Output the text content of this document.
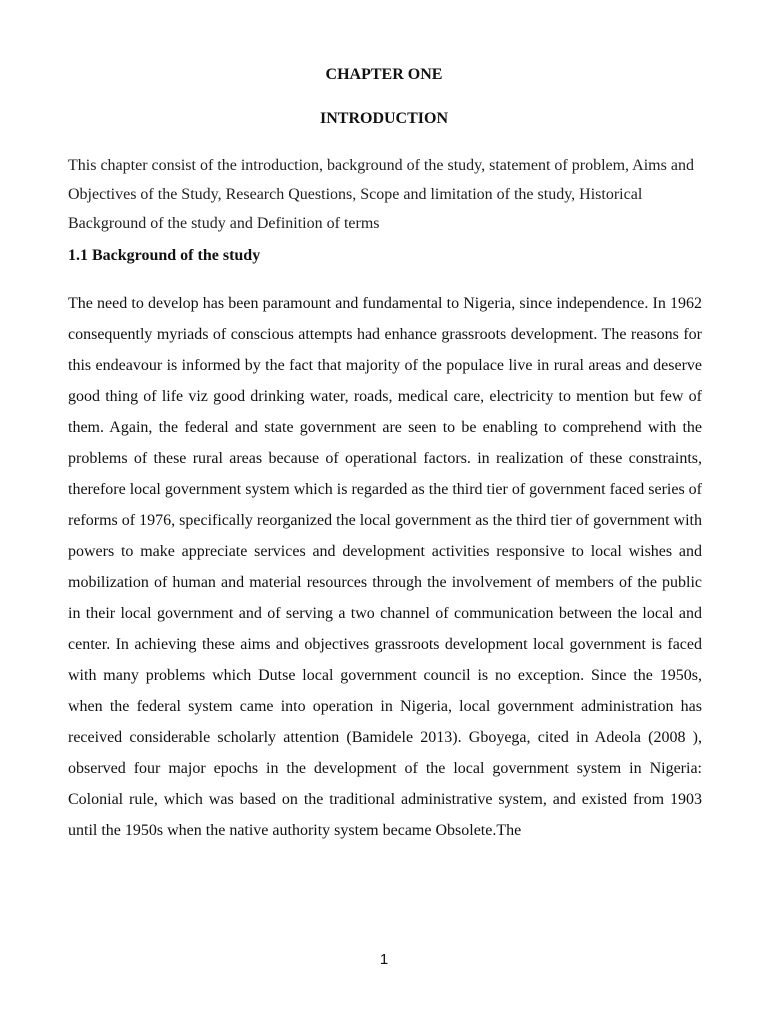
CHAPTER ONE
INTRODUCTION
This chapter consist of the introduction, background of the study, statement of problem, Aims and Objectives of the Study, Research Questions, Scope and limitation of the study, Historical Background of the study and Definition of terms
1.1 Background of the study
The need to develop has been paramount and fundamental to Nigeria, since independence. In 1962 consequently myriads of conscious attempts had enhance grassroots development. The reasons for this endeavour is informed by the fact that majority of the populace live in rural areas and deserve good thing of life viz good drinking water, roads, medical care, electricity to mention but few of them. Again, the federal and state government are seen to be enabling to comprehend with the problems of these rural areas because of operational factors. in realization of these constraints, therefore local government system which is regarded as the third tier of government faced series of reforms of 1976, specifically reorganized the local government as the third tier of government with powers to make appreciate services and development activities responsive to local wishes and mobilization of human and material resources through the involvement of members of the public in their local government and of serving a two channel of communication between the local and center. In achieving these aims and objectives grassroots development local government is faced with many problems which Dutse local government council is no exception. Since the 1950s, when the federal system came into operation in Nigeria, local government administration has received considerable scholarly attention (Bamidele 2013). Gboyega, cited in Adeola (2008 ), observed four major epochs in the development of the local government system in Nigeria: Colonial rule, which was based on the traditional administrative system, and existed from 1903 until the 1950s when the native authority system became Obsolete.The
1
